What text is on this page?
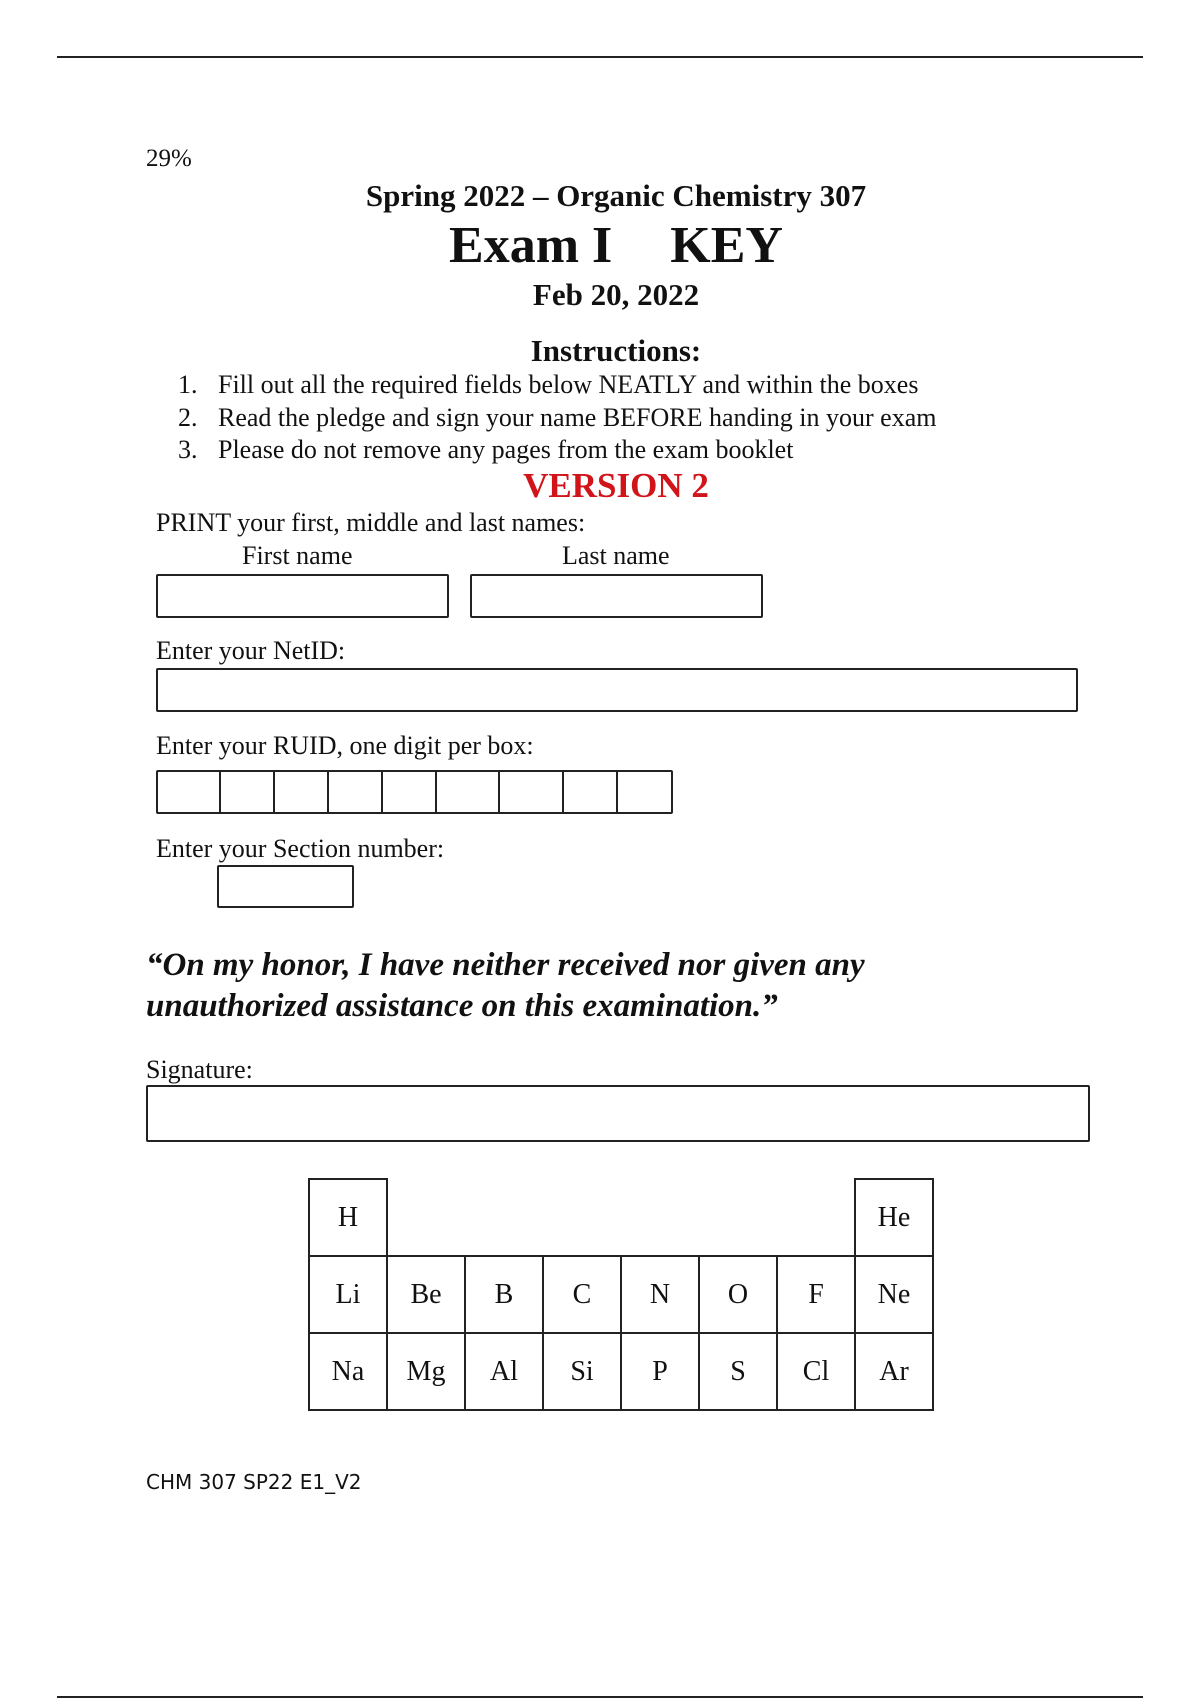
29%
Spring 2022 – Organic Chemistry 307
Exam I KEY
Feb 20, 2022
Instructions:
1. Fill out all the required fields below NEATLY and within the boxes
2. Read the pledge and sign your name BEFORE handing in your exam
3. Please do not remove any pages from the exam booklet
VERSION 2
PRINT your first, middle and last names:
First name	Last name
Enter your NetID:
Enter your RUID, one digit per box:
Enter your Section number:
“On my honor, I have neither received nor given any
unauthorized assistance on this examination.”
Signature:
H							He
Li	Be	B	C	N	O	F	Ne
Na	Mg	Al	Si	P	S	Cl	Ar
CHM 307 SP22 E1_V2
